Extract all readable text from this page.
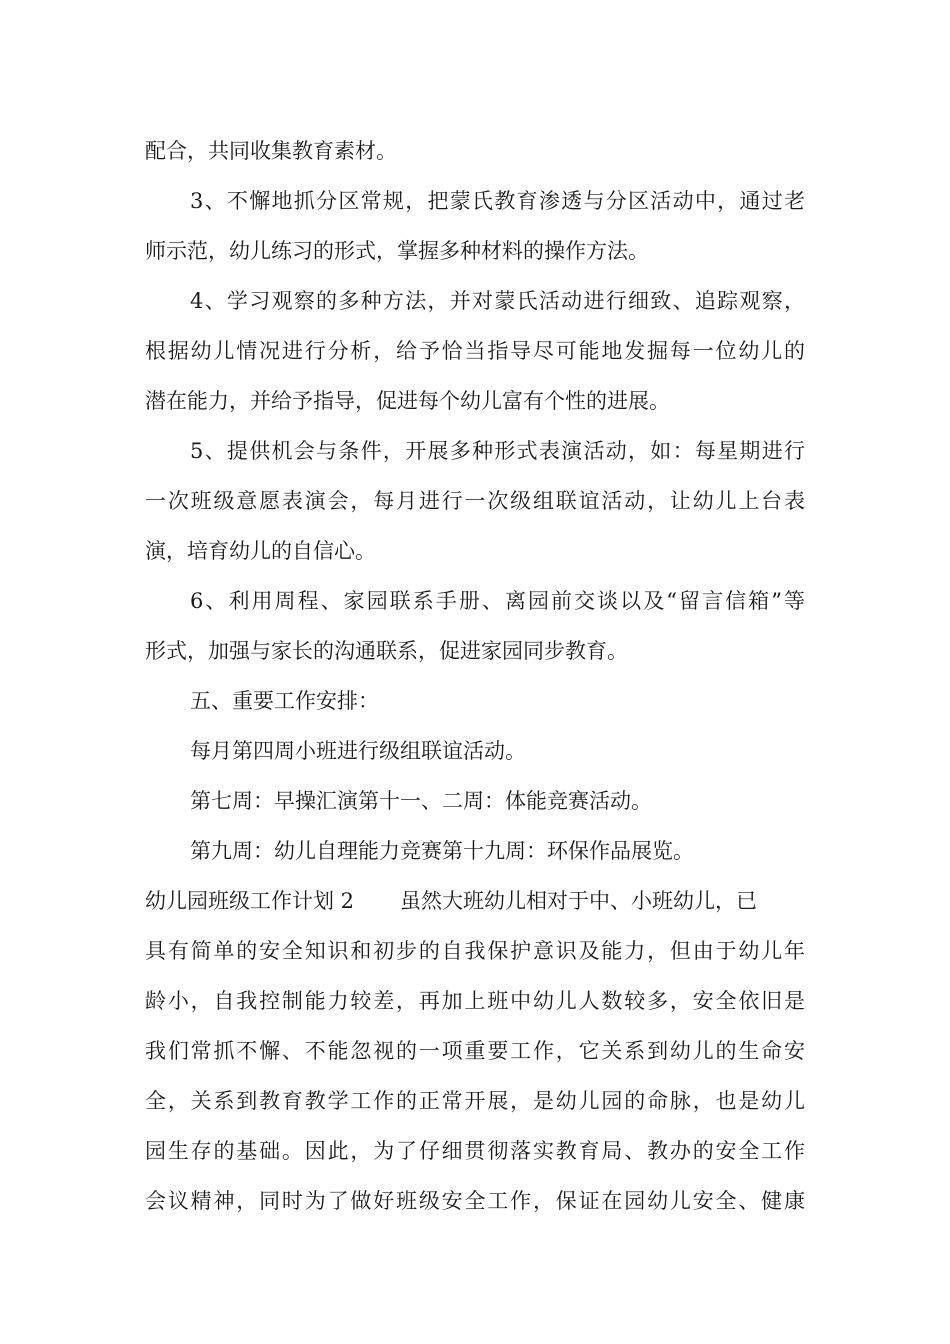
配合，共同收集教育素材。
3、不懈地抓分区常规，把蒙氏教育渗透与分区活动中，通过老
师示范，幼儿练习的形式，掌握多种材料的操作方法。
4、学习观察的多种方法，并对蒙氏活动进行细致、追踪观察，
根据幼儿情况进行分析，给予恰当指导尽可能地发掘每一位幼儿的
潜在能力，并给予指导，促进每个幼儿富有个性的进展。
5、提供机会与条件，开展多种形式表演活动，如：每星期进行
一次班级意愿表演会，每月进行一次级组联谊活动，让幼儿上台表
演，培育幼儿的自信心。
6、利用周程、家园联系手册、离园前交谈以及“留言信箱”等
形式，加强与家长的沟通联系，促进家园同步教育。
五、重要工作安排：
每月第四周小班进行级组联谊活动。
第七周：早操汇演第十一、二周：体能竞赛活动。
第九周：幼儿自理能力竞赛第十九周：环保作品展览。
幼儿园班级工作计划 2 虽然大班幼儿相对于中、小班幼儿，已
具有简单的安全知识和初步的自我保护意识及能力，但由于幼儿年
龄小，自我控制能力较差，再加上班中幼儿人数较多，安全依旧是
我们常抓不懈、不能忽视的一项重要工作，它关系到幼儿的生命安
全，关系到教育教学工作的正常开展，是幼儿园的命脉，也是幼儿
园生存的基础。因此，为了仔细贯彻落实教育局、教办的安全工作
会议精神，同时为了做好班级安全工作，保证在园幼儿安全、健康
